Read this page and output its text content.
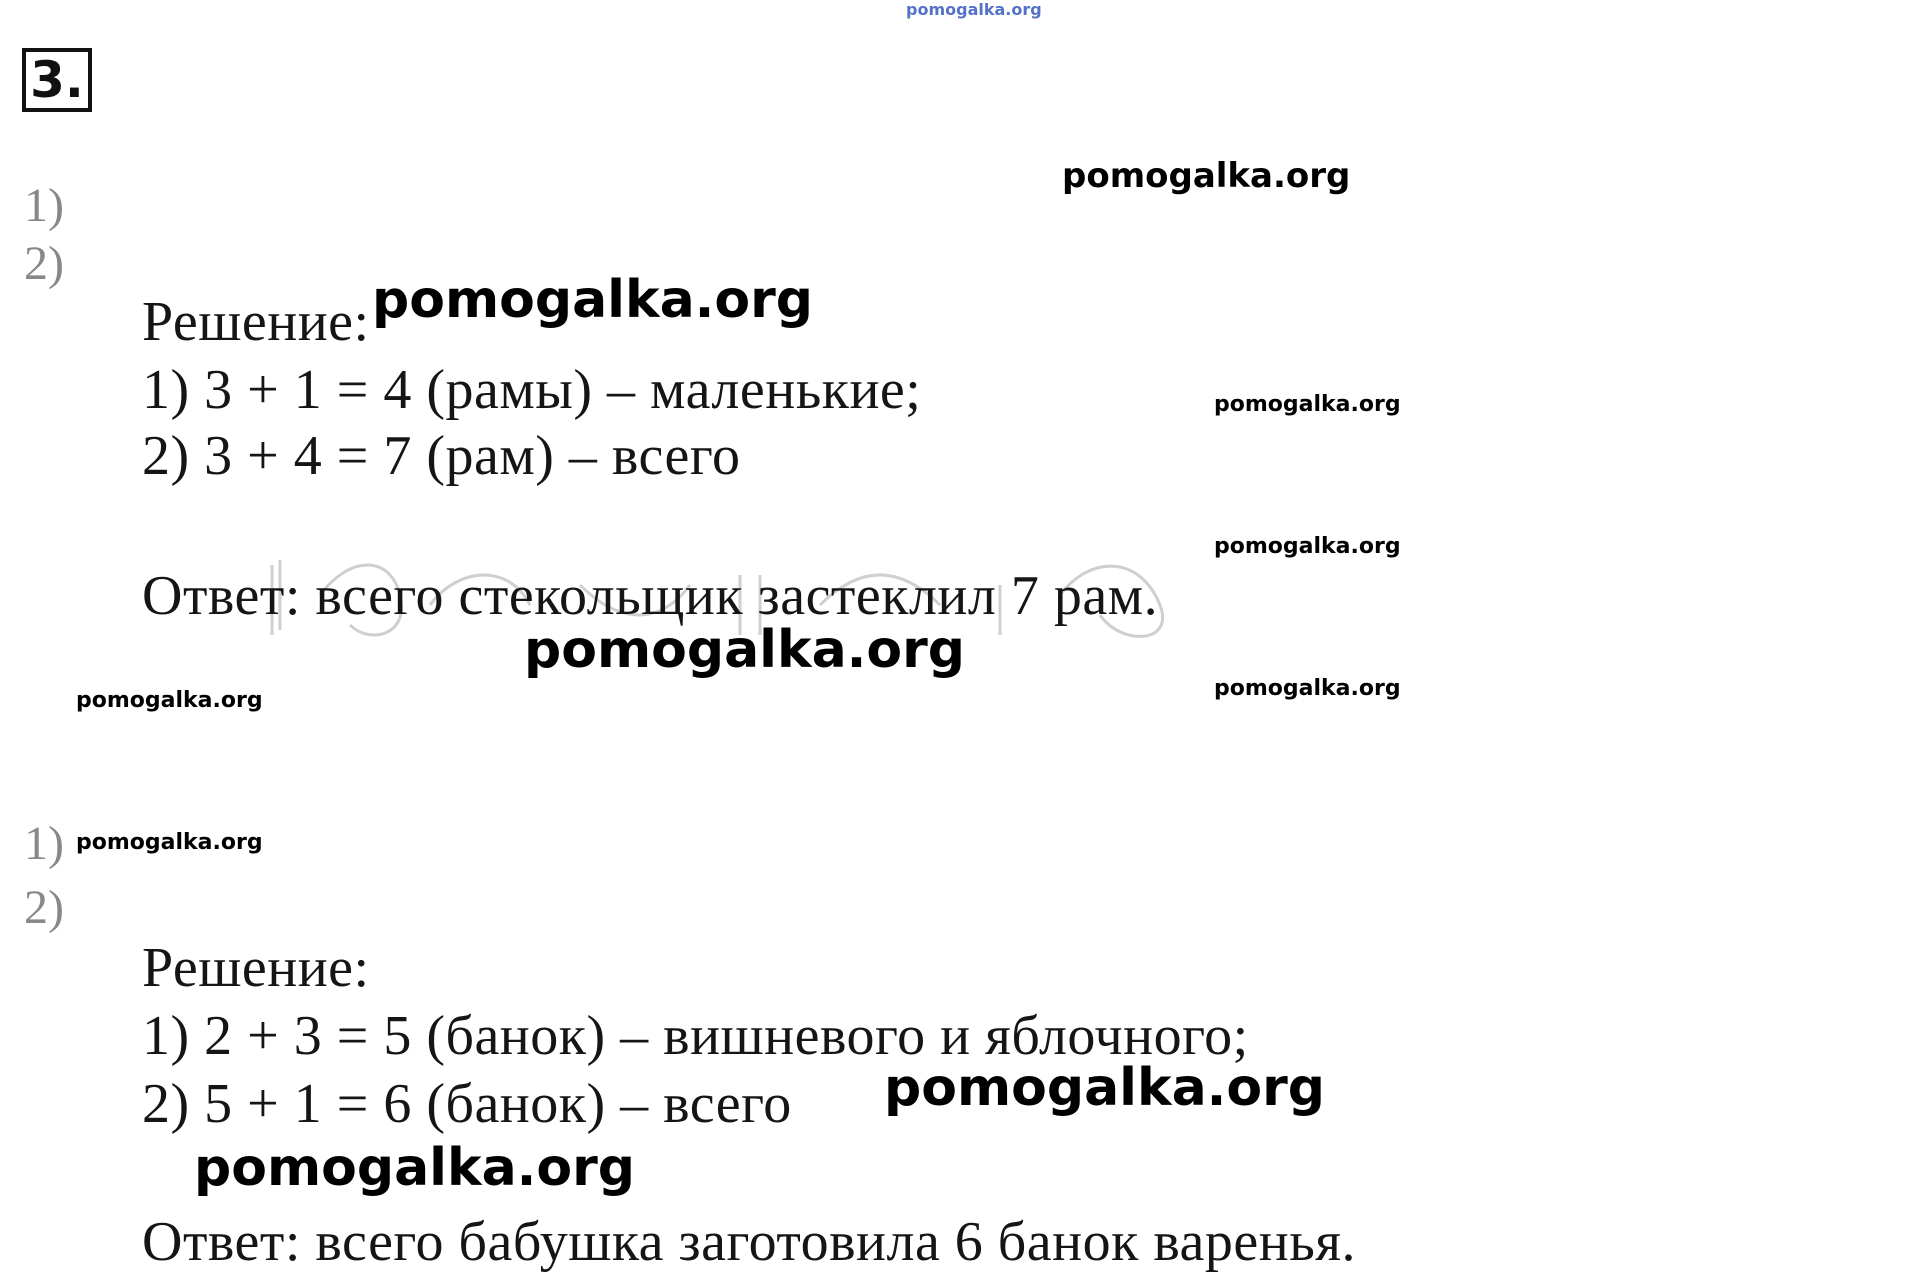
pomogalka.org
3.
1)
2)
Решение:
1) 3 + 1 = 4 (рамы) – маленькие;
2) 3 + 4 = 7 (рам) – всего
Ответ: всего стекольщик застеклил 7 рам.
1)
2)
Решение:
1) 2 + 3 = 5 (банок) – вишневого и яблочного;
2) 5 + 1 = 6 (банок) – всего
Ответ: всего бабушка заготовила 6 банок варенья.
pomogalka.org
pomogalka.org
pomogalka.org
pomogalka.org
pomogalka.org
pomogalka.org	pomogalka.org
pomogalka.org
pomogalka.org
pomogalka.org
